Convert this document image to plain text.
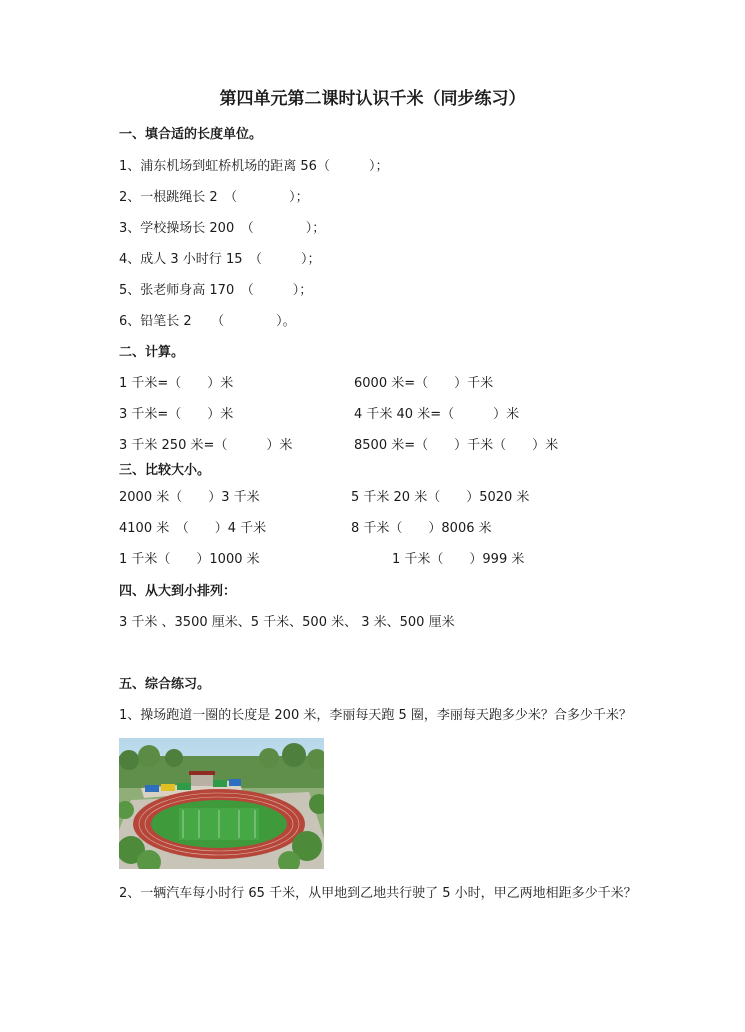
第四单元第二课时认识千米（同步练习）
一、填合适的长度单位。
1、浦东机场到虹桥机场的距离 56（　　　）；
2、一根跳绳长 2　（　　　　）；
3、学校操场长 200　（　　　　）；
4、成人 3 小时行 15　（　　　）；
5、张老师身高 170　（　　　）；
6、铅笔长 2　　（　　　　）。
二、计算。
1 千米=（　　）米	6000 米=（　　）千米
3 千米=（　　）米	4 千米 40 米=（　　　）米
3 千米 250 米=（　　　）米	8500 米=（　　）千米（　　）米
三、比较大小。
2000 米（　　）3 千米	5 千米 20 米（　　）5020 米
4100 米　（　　）4 千米	8 千米（　　）8006 米
1 千米（　　）1000 米	1 千米（　　）999 米
四、从大到小排列：
3 千米 、3500 厘米、5 千米、500 米、 3 米、500 厘米
五、综合练习。
1、操场跑道一圈的长度是 200 米，李丽每天跑 5 圈，李丽每天跑多少米？合多少千米？
2、一辆汽车每小时行 65 千米，从甲地到乙地共行驶了 5 小时，甲乙两地相距多少千米？
